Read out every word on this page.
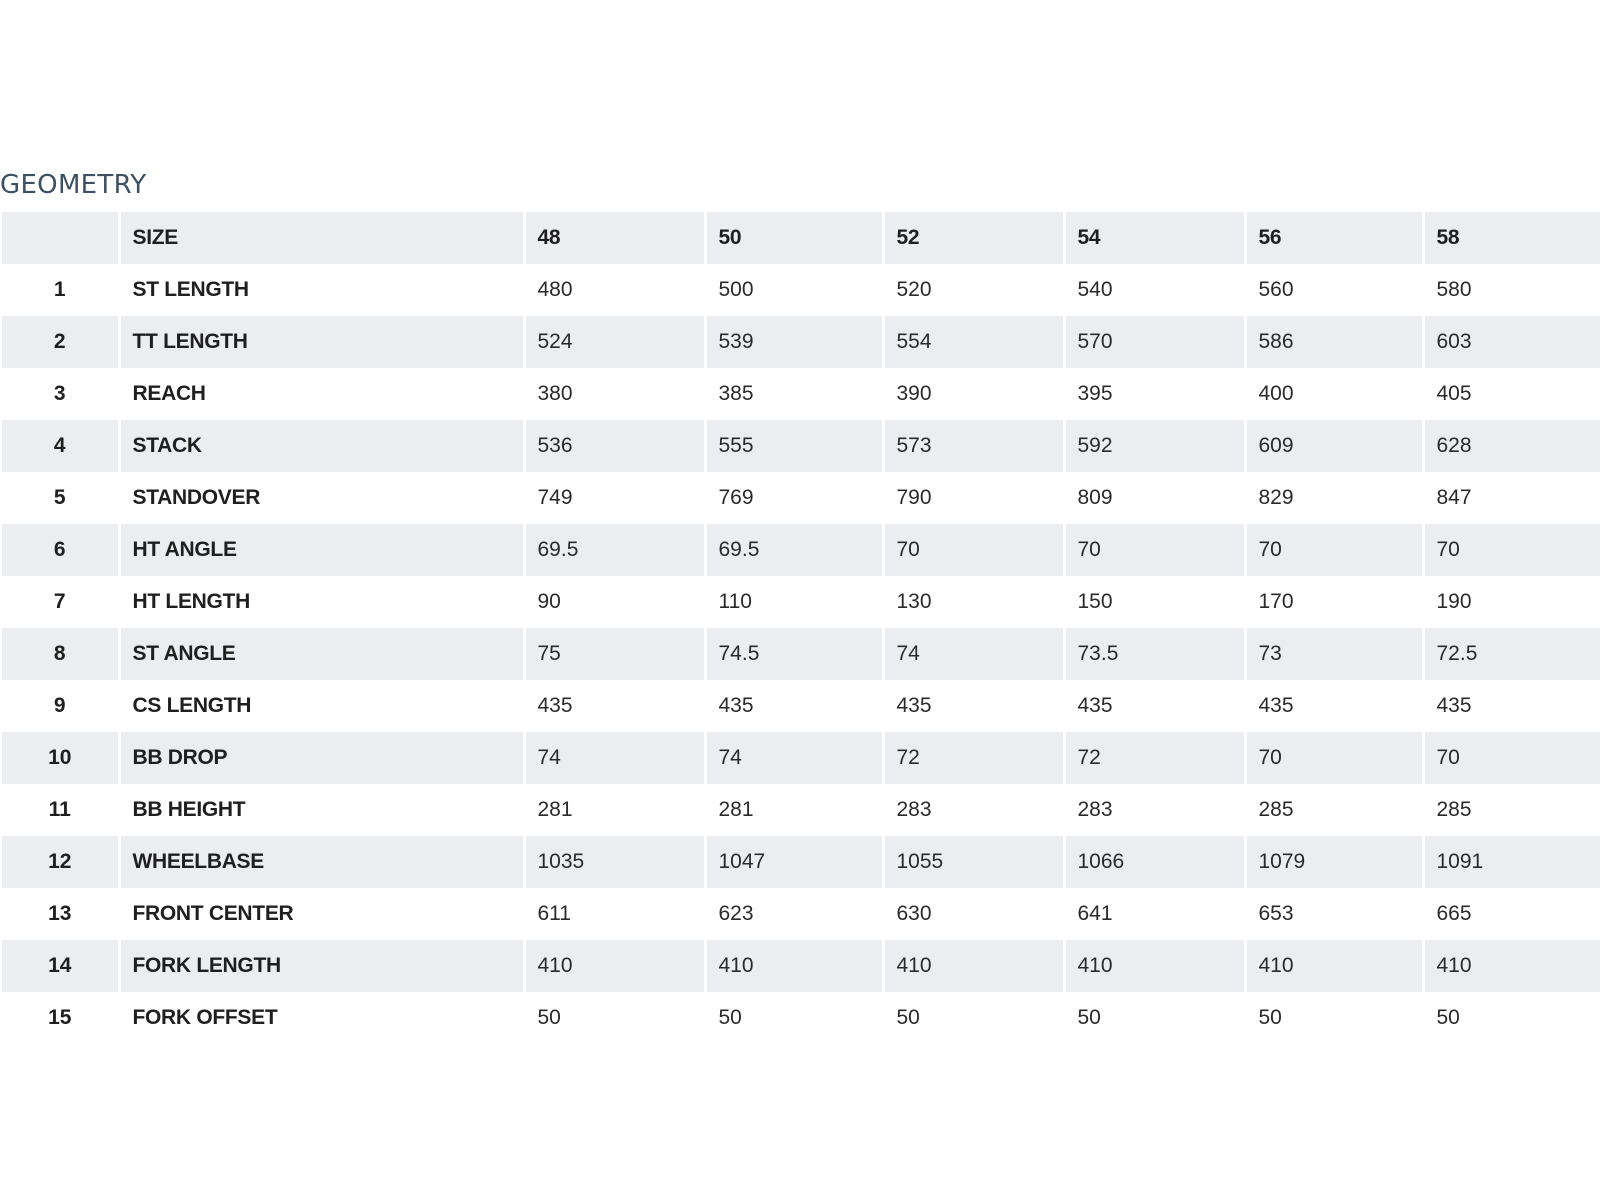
GEOMETRY
	SIZE	48	50	52	54	56	58
1	ST LENGTH	480	500	520	540	560	580
2	TT LENGTH	524	539	554	570	586	603
3	REACH	380	385	390	395	400	405
4	STACK	536	555	573	592	609	628
5	STANDOVER	749	769	790	809	829	847
6	HT ANGLE	69.5	69.5	70	70	70	70
7	HT LENGTH	90	110	130	150	170	190
8	ST ANGLE	75	74.5	74	73.5	73	72.5
9	CS LENGTH	435	435	435	435	435	435
10	BB DROP	74	74	72	72	70	70
11	BB HEIGHT	281	281	283	283	285	285
12	WHEELBASE	1035	1047	1055	1066	1079	1091
13	FRONT CENTER	611	623	630	641	653	665
14	FORK LENGTH	410	410	410	410	410	410
15	FORK OFFSET	50	50	50	50	50	50
